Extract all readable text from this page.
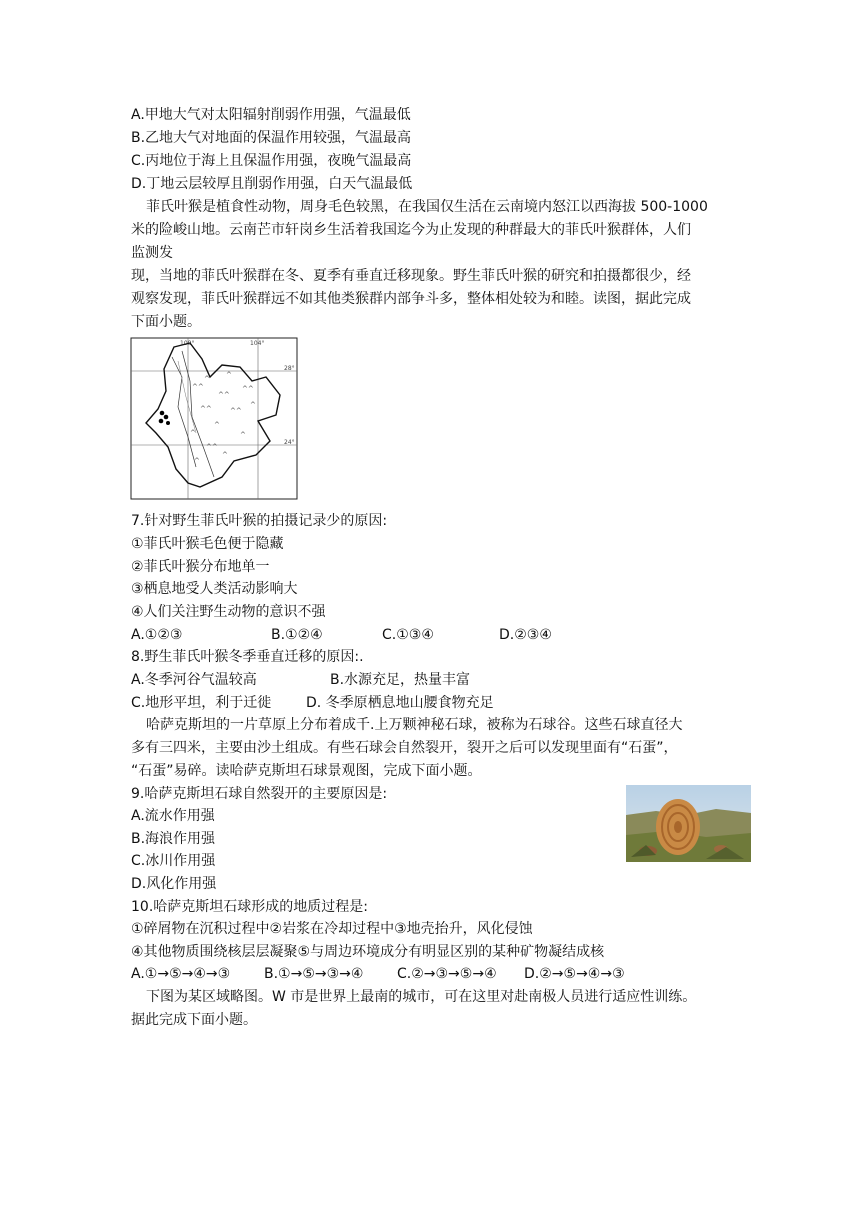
A.甲地大气对太阳辐射削弱作用强，气温最低
B.乙地大气对地面的保温作用较强，气温最高
C.丙地位于海上且保温作用强，夜晚气温最高
D.丁地云层较厚且削弱作用强，白天气温最低
菲氏叶猴是植食性动物，周身毛色较黑，在我国仅生活在云南境内怒江以西海拔 500-1000
米的险峻山地。云南芒市轩岗乡生活着我国迄今为止发现的种群最大的菲氏叶猴群体，人们
监测发
现，当地的菲氏叶猴群在冬、夏季有垂直迁移现象。野生菲氏叶猴的研究和拍摄都很少，经
观察发现，菲氏叶猴群远不如其他类猴群内部争斗多，整体相处较为和睦。读图，据此完成
下面小题。
100°	104°
28°
24°
^^
^
^^
^
^^
^^
^
^^
^
^^
^
^
^
^
7.针对野生菲氏叶猴的拍摄记录少的原因:
①菲氏叶猴毛色便于隐藏
②菲氏叶猴分布地单一
③栖息地受人类活动影响大
④人们关注野生动物的意识不强
A.①②③	B.①②④	C.①③④	D.②③④
8.野生菲氏叶猴冬季垂直迁移的原因:.
A.冬季河谷气温较高	B.水源充足，热量丰富
C.地形平坦，利于迁徙 D. 冬季原栖息地山腰食物充足
哈萨克斯坦的一片草原上分布着成千.上万颗神秘石球，被称为石球谷。这些石球直径大
多有三四米，主要由沙土组成。有些石球会自然裂开，裂开之后可以发现里面有“石蛋”，
“石蛋”易碎。读哈萨克斯坦石球景观图，完成下面小题。
9.哈萨克斯坦石球自然裂开的主要原因是:
A.流水作用强
B.海浪作用强
C.冰川作用强
D.风化作用强
10.哈萨克斯坦石球形成的地质过程是:
①碎屑物在沉积过程中②岩浆在冷却过程中③地壳抬升，风化侵蚀
④其他物质围绕核层层凝聚⑤与周边环境成分有明显区别的某种矿物凝结成核
A.①→⑤→④→③ B.①→⑤→③→④ C.②→③→⑤→④ D.②→⑤→④→③
下图为某区域略图。W 市是世界上最南的城市，可在这里对赴南极人员进行适应性训练。
据此完成下面小题。
